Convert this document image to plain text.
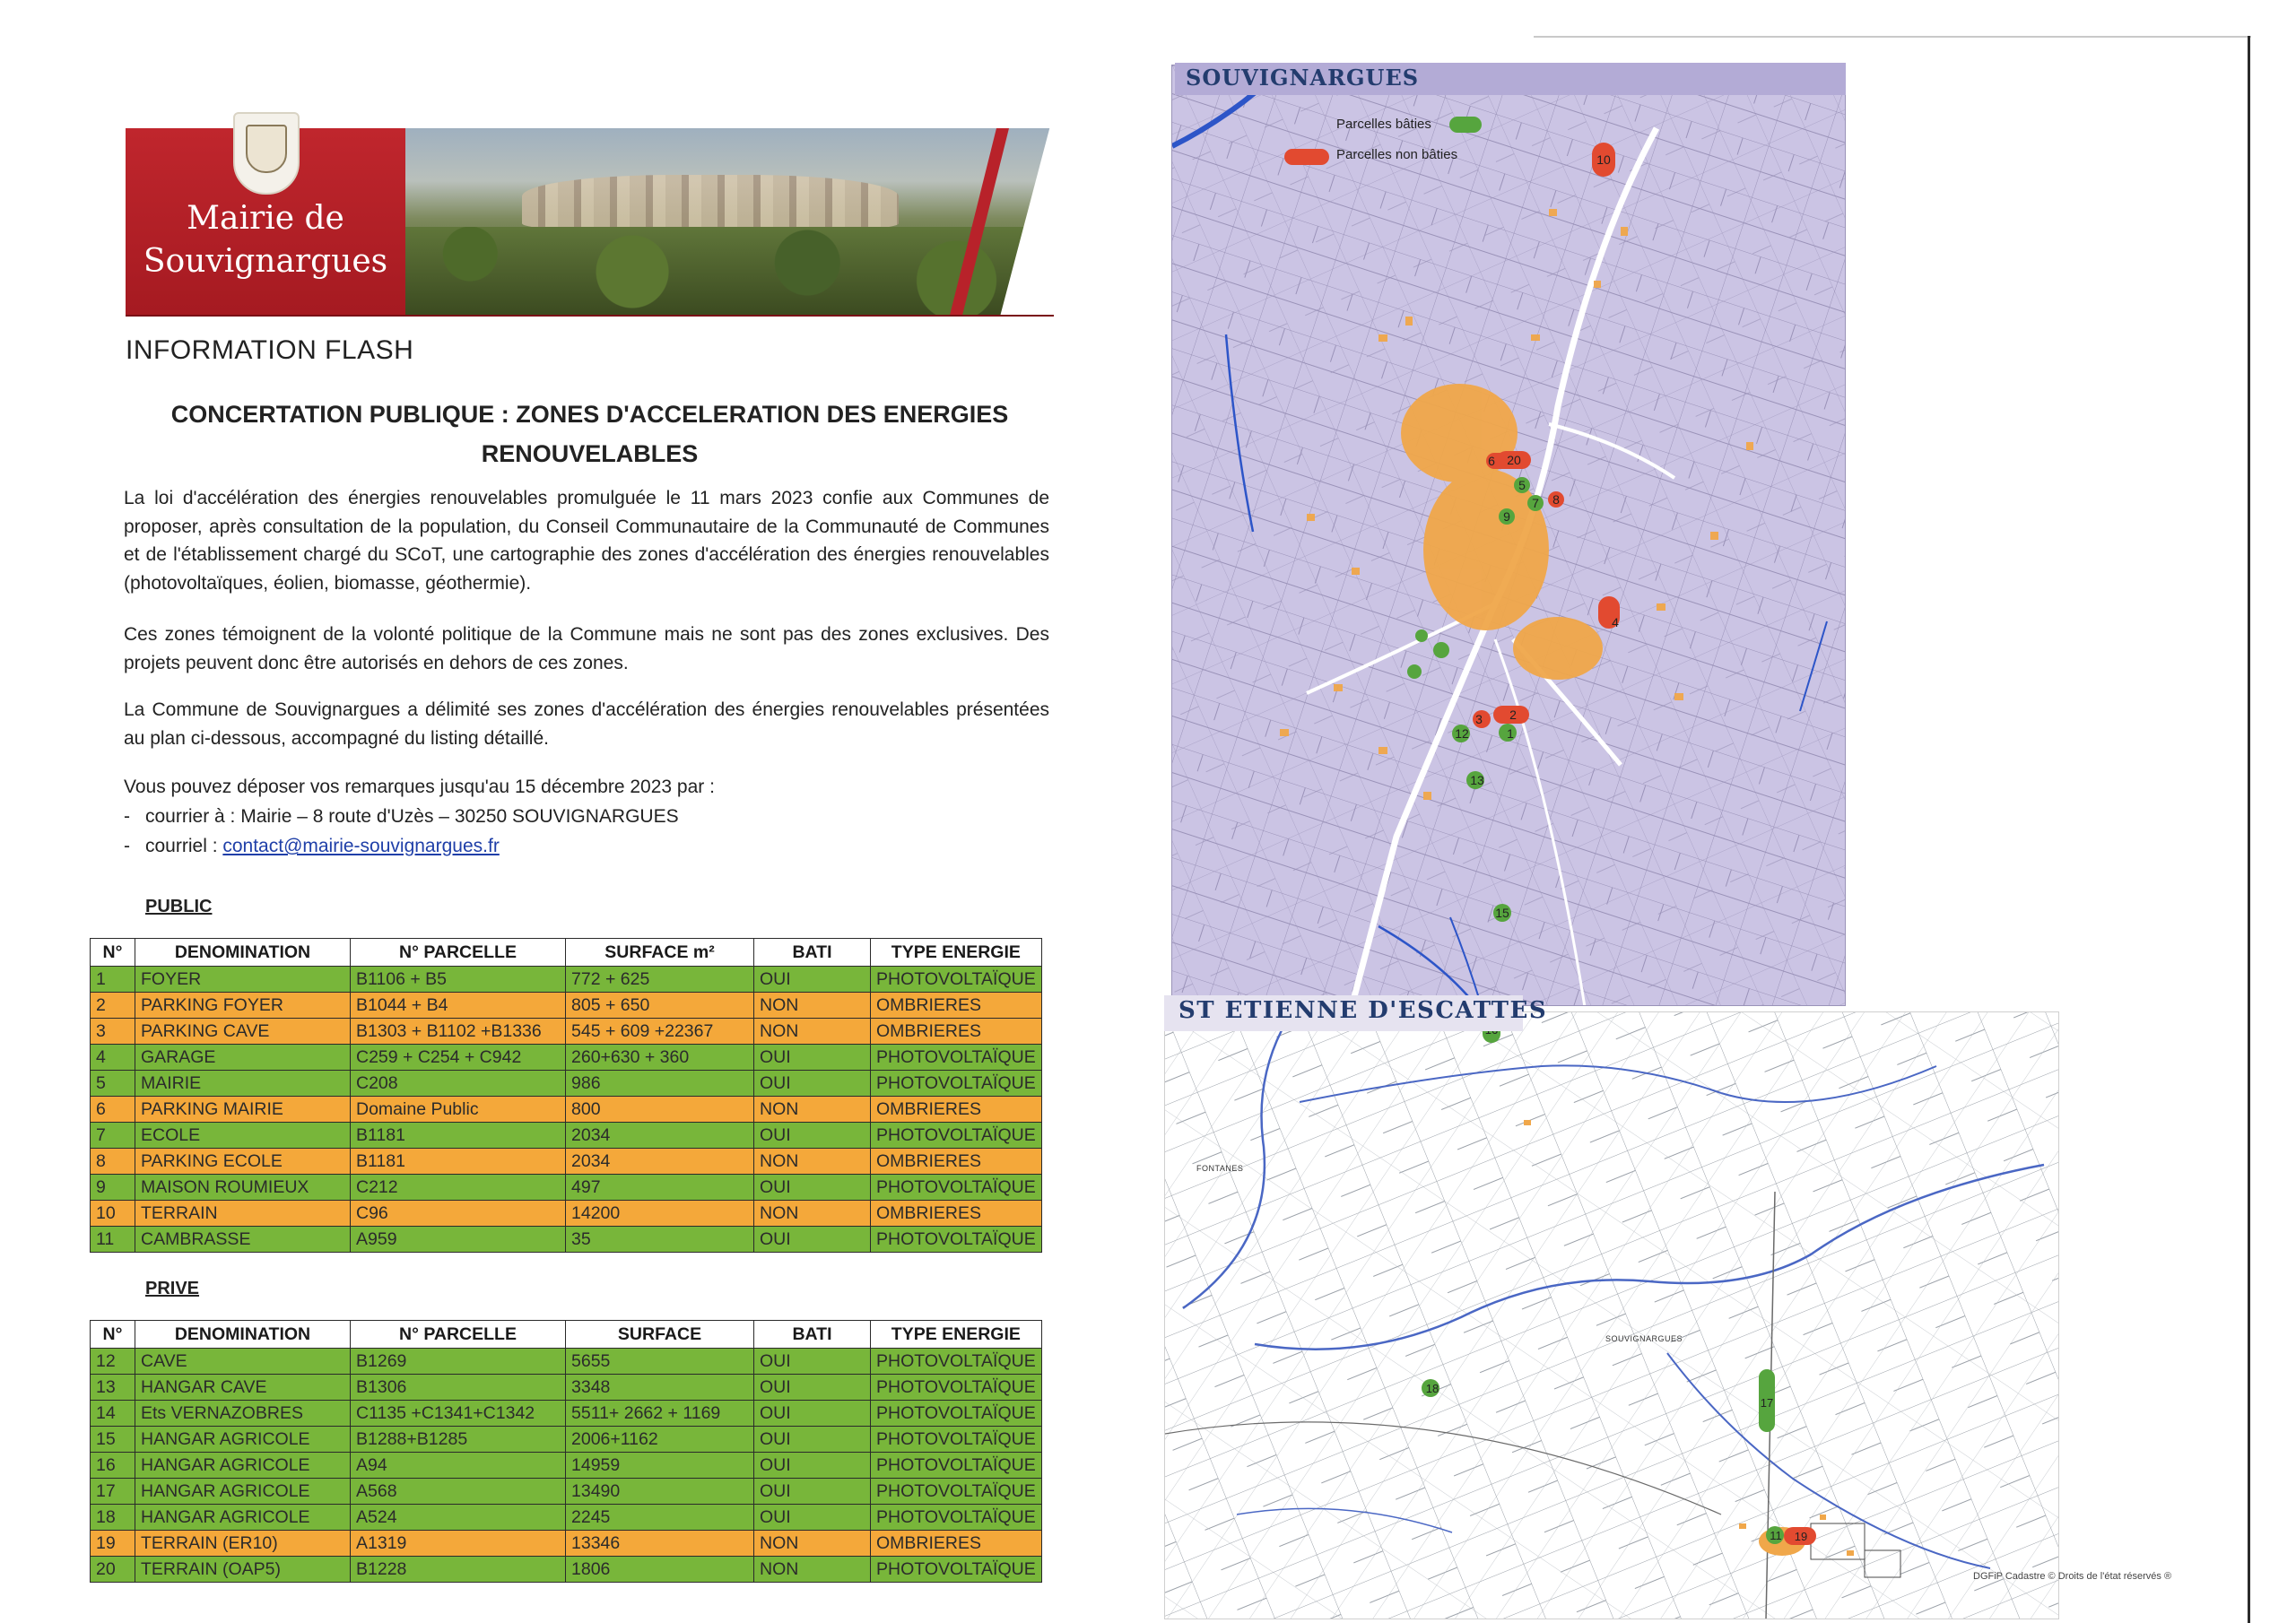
Mairie de
Souvignargues
INFORMATION FLASH
CONCERTATION PUBLIQUE : ZONES D'ACCELERATION DES ENERGIES
RENOUVELABLES
La loi d'accélération des énergies renouvelables promulguée le 11 mars 2023 confie aux Communes de proposer, après consultation de la population, du Conseil Communautaire de la Communauté de Communes et de l'établissement chargé du SCoT, une cartographie des zones d'accélération des énergies renouvelables (photovoltaïques, éolien, biomasse, géothermie).
Ces zones témoignent de la volonté politique de la Commune mais ne sont pas des zones exclusives. Des projets peuvent donc être autorisés en dehors de ces zones.
La Commune de Souvignargues a délimité ses zones d'accélération des énergies renouvelables présentées au plan ci-dessous, accompagné du listing détaillé.
Vous pouvez déposer vos remarques jusqu'au 15 décembre 2023 par :
- courrier à : Mairie – 8 route d'Uzès – 30250 SOUVIGNARGUES
- courriel : contact@mairie-souvignargues.fr
PUBLIC
N°	DENOMINATION	N° PARCELLE	SURFACE m²	BATI	TYPE ENERGIE
1	FOYER	B1106 + B5	772 + 625	OUI	PHOTOVOLTAÏQUE
2	PARKING FOYER	B1044 + B4	805 + 650	NON	OMBRIERES
3	PARKING CAVE	B1303 + B1102 +B1336	545 + 609 +22367	NON	OMBRIERES
4	GARAGE	C259 + C254 + C942	260+630 + 360	OUI	PHOTOVOLTAÏQUE
5	MAIRIE	C208	986	OUI	PHOTOVOLTAÏQUE
6	PARKING MAIRIE	Domaine Public	800	NON	OMBRIERES
7	ECOLE	B1181	2034	OUI	PHOTOVOLTAÏQUE
8	PARKING ECOLE	B1181	2034	NON	OMBRIERES
9	MAISON ROUMIEUX	C212	497	OUI	PHOTOVOLTAÏQUE
10	TERRAIN	C96	14200	NON	OMBRIERES
11	CAMBRASSE	A959	35	OUI	PHOTOVOLTAÏQUE
PRIVE
N°	DENOMINATION	N° PARCELLE	SURFACE	BATI	TYPE ENERGIE
12	CAVE	B1269	5655	OUI	PHOTOVOLTAÏQUE
13	HANGAR CAVE	B1306	3348	OUI	PHOTOVOLTAÏQUE
14	Ets VERNAZOBRES	C1135 +C1341+C1342	5511+ 2662 + 1169	OUI	PHOTOVOLTAÏQUE
15	HANGAR AGRICOLE	B1288+B1285	2006+1162	OUI	PHOTOVOLTAÏQUE
16	HANGAR AGRICOLE	A94	14959	OUI	PHOTOVOLTAÏQUE
17	HANGAR AGRICOLE	A568	13490	OUI	PHOTOVOLTAÏQUE
18	HANGAR AGRICOLE	A524	2245	OUI	PHOTOVOLTAÏQUE
19	TERRAIN (ER10)	A1319	13346	NON	OMBRIERES
20	TERRAIN (OAP5)	B1228	1806	NON	PHOTOVOLTAÏQUE
10
6 20
5
7 8
9
4
3 2
1
12
13
15
SOUVIGNARGUES
Parcelles bâties
Parcelles non bâties
18
17
11 19
ST ETIENNE D'ESCATTES
FONTANES
SOUVIGNARGUES
DGFiP Cadastre © Droits de l'état réservés ®
